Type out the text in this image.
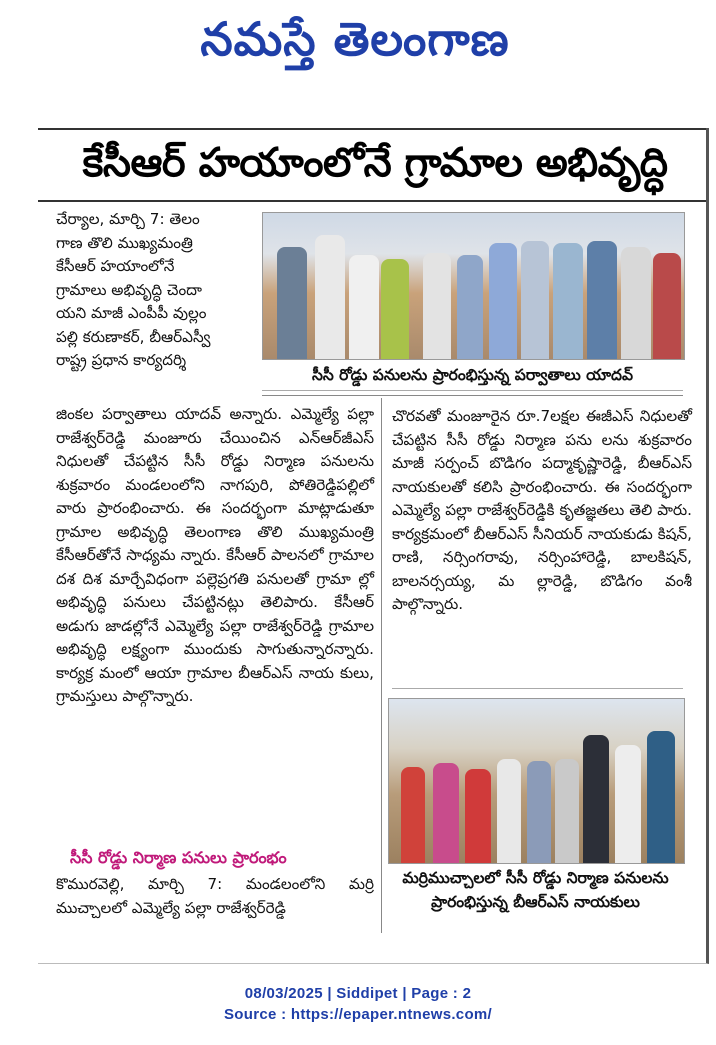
నమస్తే తెలంగాణ
కేసీఆర్ హయాంలోనే గ్రామాల అభివృద్ధి

చేర్యాల, మార్చి 7: తెలం

గాణ తొలి ముఖ్యమంత్రి

కేసీఆర్ హయాంలోనే

గ్రామాలు అభివృద్ధి చెందా

యని మాజీ ఎంపీపీ వుల్లం

పల్లి కరుణాకర్, బీఆర్ఎస్వీ

రాష్ట్ర ప్రధాన కార్యదర్శి

సీసీ రోడ్డు పనులను ప్రారంభిస్తున్న పర్వాతాలు యాదవ్

జింకల పర్వాతాలు యాదవ్ అన్నారు. ఎమ్మెల్యే పల్లా రాజేశ్వర్‌రెడ్డి మంజూరు చేయించిన ఎన్ఆర్‌జీఎస్ నిధులతో చేపట్టిన సీసీ రోడ్డు నిర్మాణ పనులను శుక్రవారం మండలంలోని నాగపురి, పోతిరెడ్డిపల్లిలో వారు ప్రారంభించారు. ఈ సందర్భంగా మాట్లాడుతూ గ్రామాల అభివృద్ధి తెలంగాణ తొలి ముఖ్యమంత్రి కేసీఆర్‌తోనే సాధ్యమ న్నారు. కేసీఆర్ పాలనలో గ్రామాల దశ దిశ మార్చేవిధంగా పల్లెప్రగతి పనులతో గ్రామా ల్లో అభివృద్ధి పనులు చేపట్టినట్లు తెలిపారు. కేసీఆర్ అడుగు జాడల్లోనే ఎమ్మెల్యే పల్లా రాజేశ్వర్‌రెడ్డి గ్రామాల అభివృద్ధి లక్ష్యంగా ముందుకు సాగుతున్నారన్నారు. కార్యక్ర మంలో ఆయా గ్రామాల బీఆర్ఎస్ నాయ కులు, గ్రామస్తులు పాల్గొన్నారు.

చొరవతో మంజూరైన రూ.7లక్షల ఈజీఎస్ నిధులతో చేపట్టిన సీసీ రోడ్డు నిర్మాణ పను లను శుక్రవారం మాజీ సర్పంచ్ బొడిగం పద్మాకృష్ణారెడ్డి, బీఆర్ఎస్ నాయకులతో కలిసి ప్రారంభించారు. ఈ సందర్భంగా ఎమ్మెల్యే పల్లా రాజేశ్వర్‌రెడ్డికి కృతజ్ఞతలు తెలి పారు. కార్యక్రమంలో బీఆర్ఎస్ సీనియర్ నాయకుడు కిషన్, రాణి, నర్సింగరావు, నర్సింహారెడ్డి, బాలకిషన్, బాలనర్సయ్య, మ ల్లారెడ్డి, బొడిగం వంశీ పాల్గొన్నారు.

సీసీ రోడ్డు నిర్మాణ పనులు ప్రారంభం

కొమురవెల్లి, మార్చి 7: మండలంలోని మర్రి ముచ్చాలలో ఎమ్మెల్యే పల్లా రాజేశ్వర్‌రెడ్డి

మర్రిముచ్చాలలో సీసీ రోడ్డు నిర్మాణ పనులను
ప్రారంభిస్తున్న బీఆర్ఎస్ నాయకులు
08/03/2025 | Siddipet | Page : 2
Source : https://epaper.ntnews.com/
